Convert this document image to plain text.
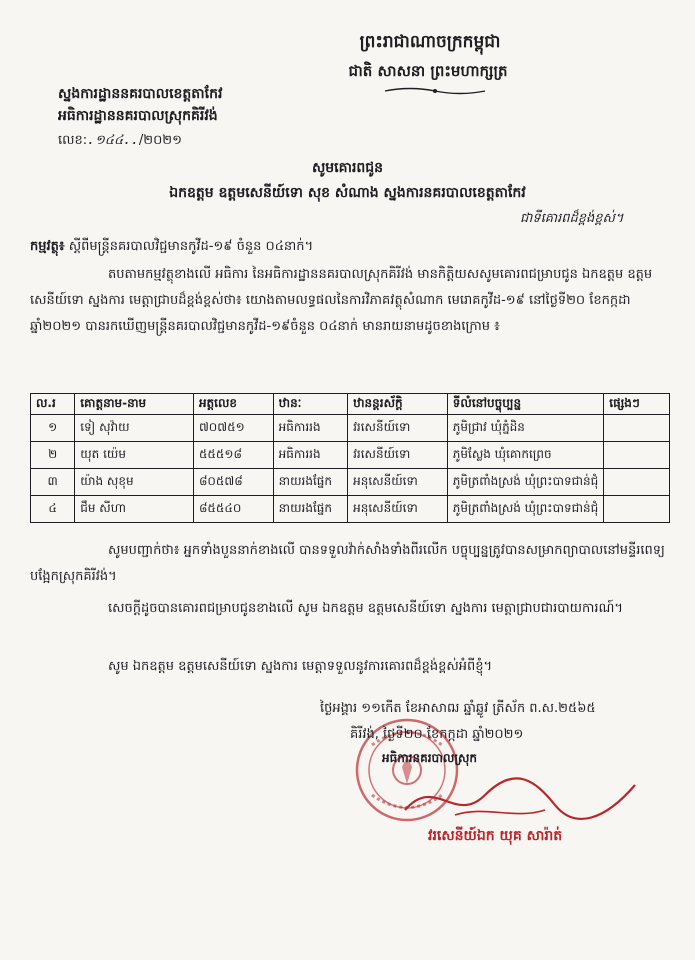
ព្រះរាជាណាចក្រកម្ពុជា
ជាតិ សាសនា ព្រះមហាក្សត្រ
ស្នងការដ្ឋាននគរបាលខេត្តតាកែវ
អធិការដ្ឋាននគរបាលស្រុកគិរីវង់
លេខ:.១៤៤../២០២១
សូមគោរពជូន
ឯកឧត្តម ឧត្តមសេនីយ៍ទោ សុខ សំណាង ស្នងការនគរបាលខេត្តតាកែវ
ជាទីគោរពដ៏ខ្ពង់ខ្ពស់។
កម្មវត្ថុ៖ ស្តីពីមន្ត្រីនគរបាលវិជ្ជមានកូវីដ-១៩ ចំនួន ០៤នាក់។
តបតាមកម្មវត្ថុខាងលើ អធិការ នៃអធិការដ្ឋាននគរបាលស្រុកគិរីវង់ មានកិត្តិយសសូមគោរពជម្រាបជូន ឯកឧត្តម ឧត្តមសេនីយ៍ទោ ស្នងការ មេត្តាជ្រាបដ៏ខ្ពង់ខ្ពស់ថា៖ យោងតាមលទ្ធផលនៃការវិភាគវត្ថុសំណាក មេរោគកូវីដ-១៩ នៅថ្ងៃទី២០ ខែកក្កដា ឆ្នាំ២០២១ បានរកឃើញមន្ត្រីនគរបាលវិជ្ជមានកូវីដ-១៩ចំនួន ០៤នាក់ មានរាយនាមដូចខាងក្រោម ៖
ល.រ	គោត្តនាម-នាម	អត្តលេខ	ឋានៈ	ឋានន្តរស័ក្តិ	ទីលំនៅបច្ចុប្បន្ន	ផ្សេងៗ
១	ទៀ សុវ៉ាយ	៧០៧៥១	អធិការរង	វរសេនីយ៍ទោ	ភូមិជ្រាវ ឃុំភ្នំដិន	
២	យុត យ៉េម	៥៥៥១៨	អធិការរង	វរសេនីយ៍ទោ	ភូមិស្លែង ឃុំគោកព្រេច	
៣	យ៉ាង សុខុម	៨០៥៧៨	នាយរងផ្នែក	អនុសេនីយ៍ទោ	ភូមិត្រពាំងស្រង់ ឃុំព្រះបាទជាន់ជុំ	
៤	ជឹម សីហា	៨៥៥៤០	នាយរងផ្នែក	អនុសេនីយ៍ទោ	ភូមិត្រពាំងស្រង់ ឃុំព្រះបាទជាន់ជុំ	
សូមបញ្ជាក់ថា៖ អ្នកទាំងបួននាក់ខាងលើ បានទទួលវ៉ាក់សាំងទាំងពីរលើក បច្ចុប្បន្នត្រូវបានសម្រាកព្យាបាលនៅមន្ទីរពេទ្យបង្អែកស្រុកគិរីវង់។
សេចក្តីដូចបានគោរពជម្រាបជូនខាងលើ សូម ឯកឧត្តម ឧត្តមសេនីយ៍ទោ ស្នងការ មេត្តាជ្រាបជារបាយការណ៍។
សូម ឯកឧត្តម ឧត្តមសេនីយ៍ទោ ស្នងការ មេត្តាទទួលនូវការគោរពដ៏ខ្ពង់ខ្ពស់អំពីខ្ញុំ។
ថ្ងៃអង្គារ ១១កើត ខែអាសាឍ ឆ្នាំឆ្លូវ ត្រីស័ក ព.ស.២៥៦៥
គិរីវង់, ថ្ងៃទី២០ ខែកក្កដា ឆ្នាំ២០២១
អធិការនគរបាលស្រុក
វរសេនីយ៍ឯក យុគ សារ៉ាត់
